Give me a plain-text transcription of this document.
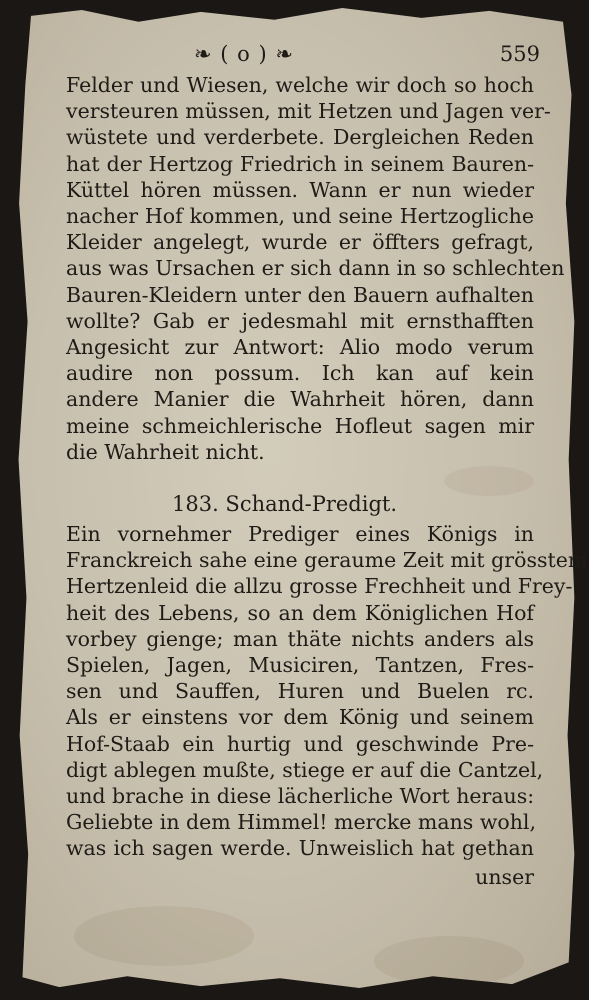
❧ ( o ) ❧	559
Felder und Wiesen, welche wir doch so hoch
versteuren müssen, mit Hetzen und Jagen ver-
wüstete und verderbete. Dergleichen Reden
hat der Hertzog Friedrich in seinem Bauren-
Küttel hören müssen. Wann er nun wieder
nacher Hof kommen, und seine Hertzogliche
Kleider angelegt, wurde er öffters gefragt,
aus was Ursachen er sich dann in so schlechten
Bauren-Kleidern unter den Bauern aufhalten
wollte? Gab er jedesmahl mit ernsthafften
Angesicht zur Antwort: Alio modo verum
audire non possum. Ich kan auf kein
andere Manier die Wahrheit hören, dann
meine schmeichlerische Hofleut sagen mir
die Wahrheit nicht.
183. Schand-Predigt.
Ein vornehmer Prediger eines Königs in
Franckreich sahe eine geraume Zeit mit grösstem
Hertzenleid die allzu grosse Frechheit und Frey-
heit des Lebens, so an dem Königlichen Hof
vorbey gienge; man thäte nichts anders als
Spielen, Jagen, Musiciren, Tantzen, Fres-
sen und Sauffen, Huren und Buelen rc.
Als er einstens vor dem König und seinem
Hof-Staab ein hurtig und geschwinde Pre-
digt ablegen mußte, stiege er auf die Cantzel,
und brache in diese lächerliche Wort heraus:
Geliebte in dem Himmel! mercke mans wohl,
was ich sagen werde. Unweislich hat gethan
unser
